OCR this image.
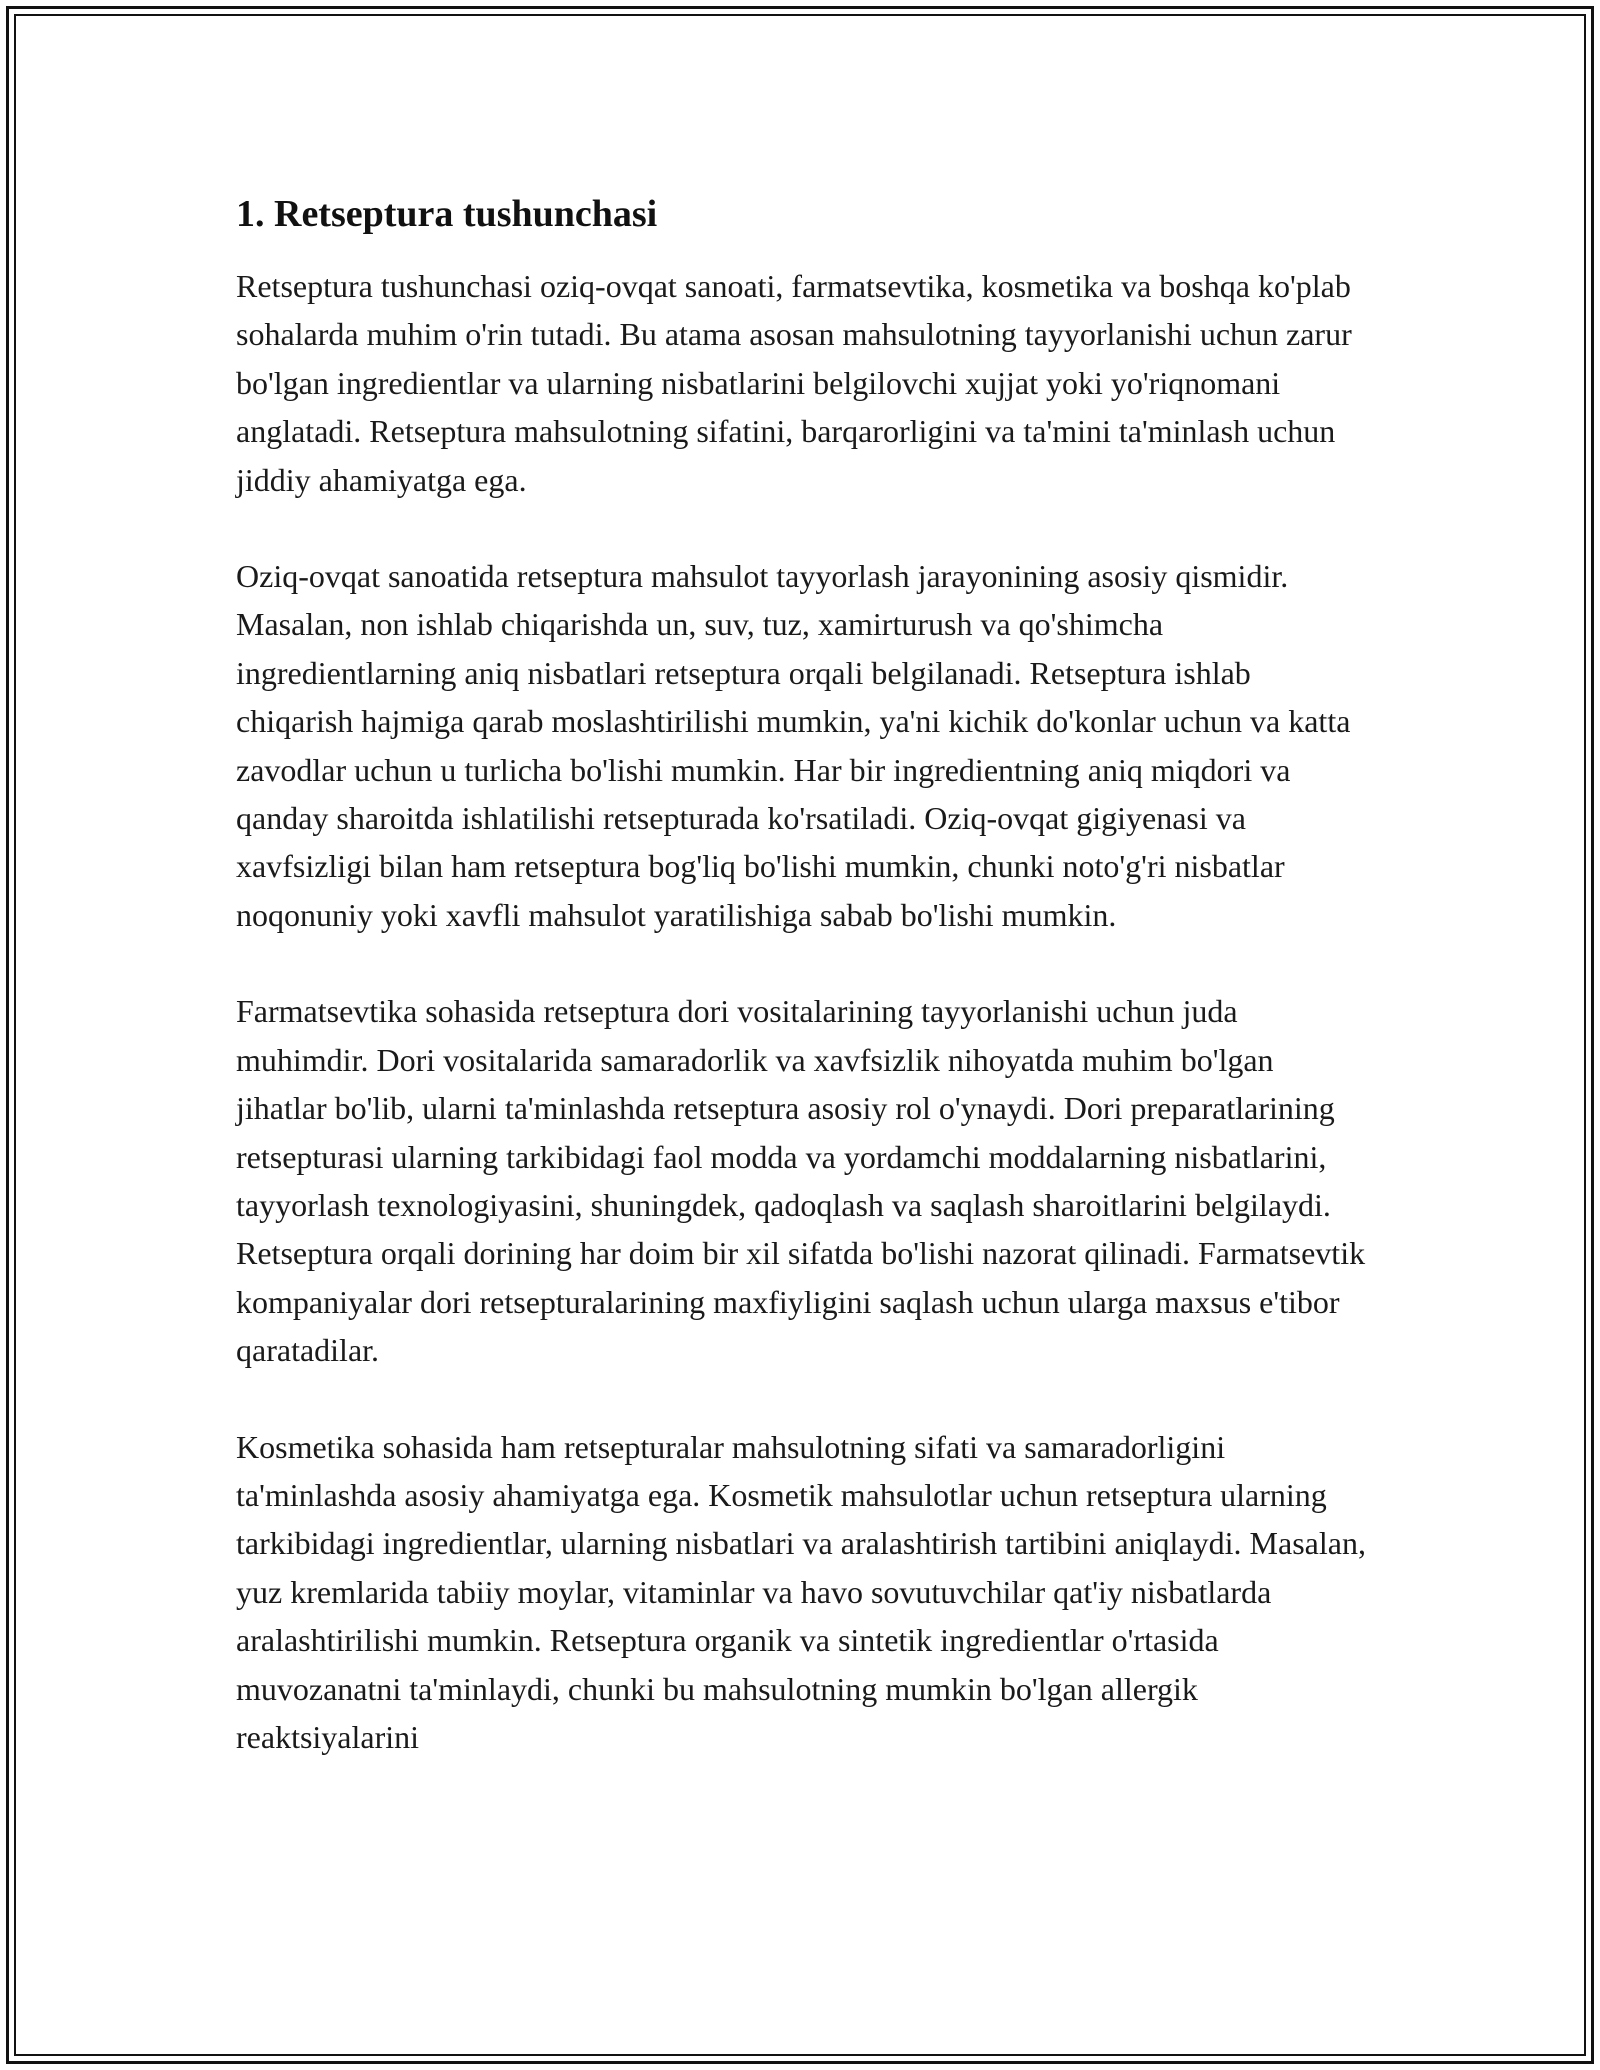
1. Retseptura tushunchasi

Retseptura tushunchasi oziq-ovqat sanoati, farmatsevtika, kosmetika va boshqa ko'plab sohalarda muhim o'rin tutadi. Bu atama asosan mahsulotning tayyorlanishi uchun zarur bo'lgan ingredientlar va ularning nisbatlarini belgilovchi xujjat yoki yo'riqnomani anglatadi. Retseptura mahsulotning sifatini, barqarorligini va ta'mini ta'minlash uchun jiddiy ahamiyatga ega.

Oziq-ovqat sanoatida retseptura mahsulot tayyorlash jarayonining asosiy qismidir. Masalan, non ishlab chiqarishda un, suv, tuz, xamirturush va qo'shimcha ingredientlarning aniq nisbatlari retseptura orqali belgilanadi. Retseptura ishlab chiqarish hajmiga qarab moslashtirilishi mumkin, ya'ni kichik do'konlar uchun va katta zavodlar uchun u turlicha bo'lishi mumkin. Har bir ingredientning aniq miqdori va qanday sharoitda ishlatilishi retsepturada ko'rsatiladi. Oziq-ovqat gigiyenasi va xavfsizligi bilan ham retseptura bog'liq bo'lishi mumkin, chunki noto'g'ri nisbatlar noqonuniy yoki xavfli mahsulot yaratilishiga sabab bo'lishi mumkin.

Farmatsevtika sohasida retseptura dori vositalarining tayyorlanishi uchun juda muhimdir. Dori vositalarida samaradorlik va xavfsizlik nihoyatda muhim bo'lgan jihatlar bo'lib, ularni ta'minlashda retseptura asosiy rol o'ynaydi. Dori preparatlarining retsepturasi ularning tarkibidagi faol modda va yordamchi moddalarning nisbatlarini, tayyorlash texnologiyasini, shuningdek, qadoqlash va saqlash sharoitlarini belgilaydi. Retseptura orqali dorining har doim bir xil sifatda bo'lishi nazorat qilinadi. Farmatsevtik kompaniyalar dori retsepturalarining maxfiyligini saqlash uchun ularga maxsus e'tibor qaratadilar.

Kosmetika sohasida ham retsepturalar mahsulotning sifati va samaradorligini ta'minlashda asosiy ahamiyatga ega. Kosmetik mahsulotlar uchun retseptura ularning tarkibidagi ingredientlar, ularning nisbatlari va aralashtirish tartibini aniqlaydi. Masalan, yuz kremlarida tabiiy moylar, vitaminlar va havo sovutuvchilar qat'iy nisbatlarda aralashtirilishi mumkin. Retseptura organik va sintetik ingredientlar o'rtasida muvozanatni ta'minlaydi, chunki bu mahsulotning mumkin bo'lgan allergik reaktsiyalarini
